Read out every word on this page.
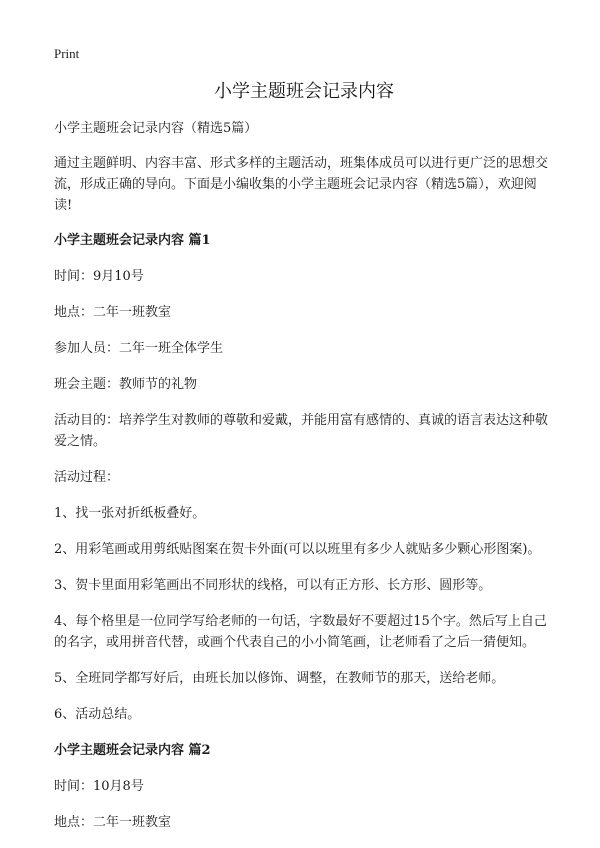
Print
小学主题班会记录内容

小学主题班会记录内容（精选5篇）

通过主题鲜明、内容丰富、形式多样的主题活动，班集体成员可以进行更广泛的思想交流，形成正确的导向。下面是小编收集的小学主题班会记录内容（精选5篇），欢迎阅读!

小学主题班会记录内容 篇1

时间：9月10号

地点：二年一班教室

参加人员：二年一班全体学生

班会主题：教师节的礼物

活动目的：培养学生对教师的尊敬和爱戴，并能用富有感情的、真诚的语言表达这种敬爱之情。

活动过程：

1、找一张对折纸板叠好。

2、用彩笔画或用剪纸贴图案在贺卡外面(可以以班里有多少人就贴多少颗心形图案)。

3、贺卡里面用彩笔画出不同形状的线格，可以有正方形、长方形、圆形等。

4、每个格里是一位同学写给老师的一句话，字数最好不要超过15个字。然后写上自己的名字，或用拼音代替，或画个代表自己的小小简笔画，让老师看了之后一猜便知。

5、全班同学都写好后，由班长加以修饰、调整，在教师节的那天，送给老师。

6、活动总结。

小学主题班会记录内容 篇2

时间：10月8号

地点：二年一班教室
